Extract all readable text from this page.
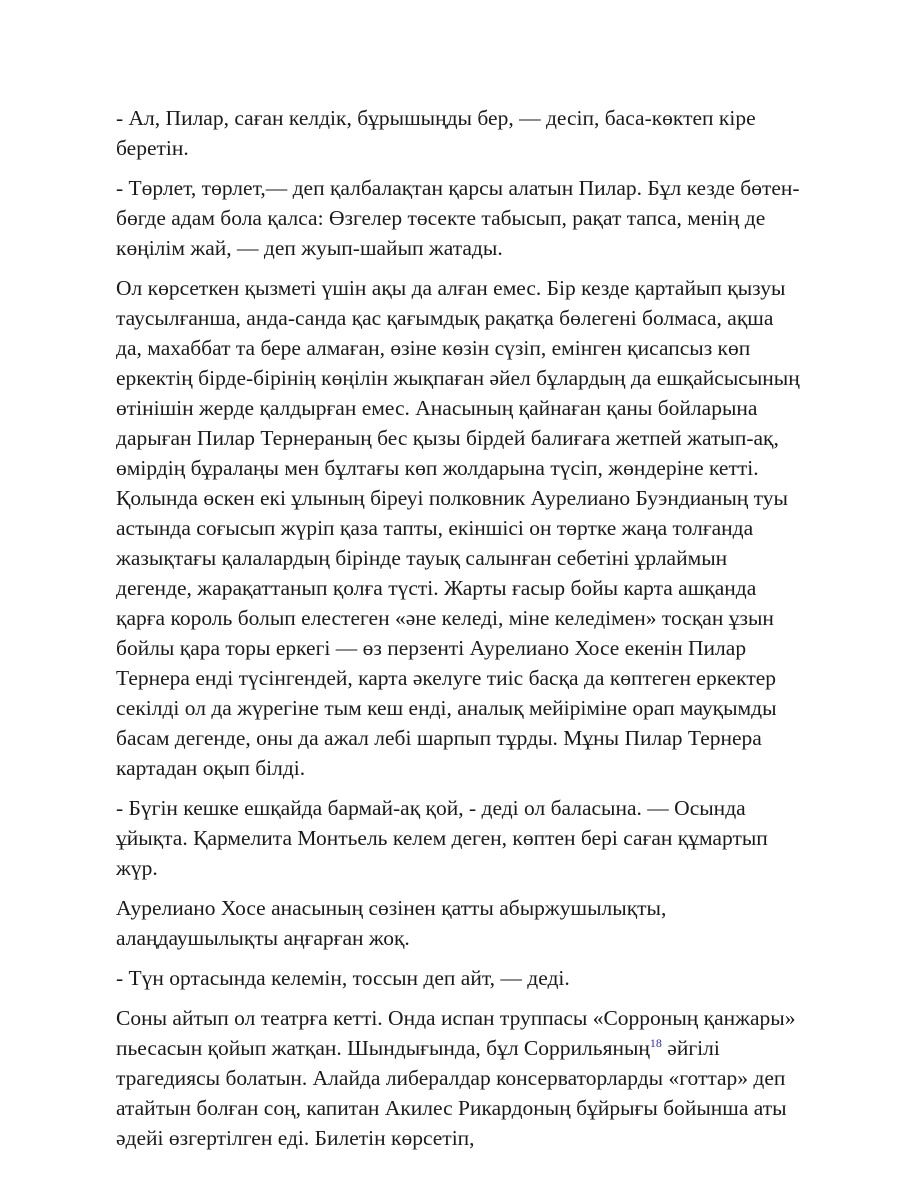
- Ал, Пилар, саған келдік, бұрышыңды бер, — десіп, баса-көктеп кіре беретін.

- Төрлет, төрлет,— деп қалбалақтан қарсы алатын Пилар. Бұл кезде бөтен-бөгде адам бола қалса: Өзгелер төсекте табысып, рақат тапса, менің де көңілім жай, — деп жуып-шайып жатады.

Ол көрсеткен қызметі үшін ақы да алған емес. Бір кезде қартайып қызуы таусылғанша, анда-санда қас қағымдық рақатқа бөлегені болмаса, ақша да, махаббат та бере алмаған, өзіне көзін сүзіп, емінген қисапсыз көп еркектің бірде-бірінің көңілін жықпаған әйел бұлардың да ешқайсысының өтінішін жерде қалдырған емес. Анасының қайнаған қаны бойларына дарыған Пилар Тернераның бес қызы бірдей балиғаға жетпей жатып-ақ, өмірдің бұралаңы мен бұлтағы көп жолдарына түсіп, жөндеріне кетті. Қолында өскен екі ұлының біреуі полковник Аурелиано Буэндианың туы астында соғысып жүріп қаза тапты, екіншісі он төртке жаңа толғанда жазықтағы қалалардың бірінде тауық салынған себетіні ұрлаймын дегенде, жарақаттанып қолға түсті. Жарты ғасыр бойы карта ашқанда қарға король болып елестеген «әне келеді, міне келедімен» тосқан ұзын бойлы қара торы еркегі — өз перзенті Аурелиано Хосе екенін Пилар Тернера енді түсінгендей, карта әкелуге тиіс басқа да көптеген еркектер секілді ол да жүрегіне тым кеш енді, аналық мейіріміне орап мауқымды басам дегенде, оны да ажал лебі шарпып тұрды. Мұны Пилар Тернера картадан оқып білді.

- Бүгін кешке ешқайда бармай-ақ қой, - деді ол баласына. — Осында ұйықта. Қармелита Монтьель келем деген, көптен бері саған құмартып жүр.

Аурелиано Хосе анасының сөзінен қатты абыржушылықты, алаңдаушылықты аңғарған жоқ.

- Түн ортасында келемін, тоссын деп айт, — деді.

Соны айтып ол театрға кетті. Онда испан труппасы «Сорроның қанжары» пьесасын қойып жатқан. Шындығында, бұл Соррильяның$^{18}$ әйгілі трагедиясы болатын. Алайда либералдар консерваторларды «готтар» деп атайтын болған соң, капитан Акилес Рикардоның бұйрығы бойынша аты әдейі өзгертілген еді. Билетін көрсетіп,
